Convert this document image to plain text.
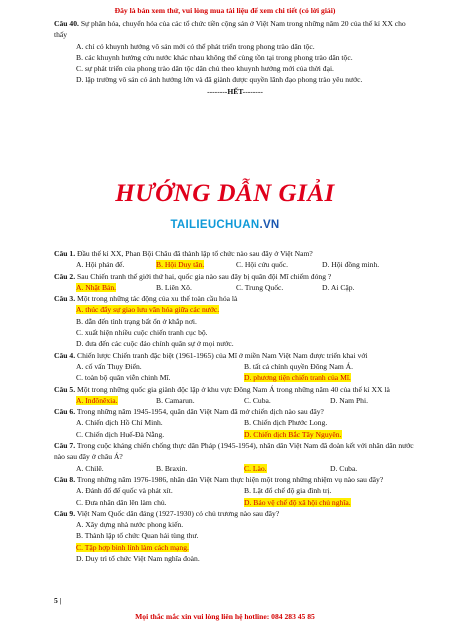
Đây là bản xem thử, vui lòng mua tài liệu để xem chi tiết (có lời giải)

Câu 40. Sự phân hóa, chuyển hóa của các tổ chức tiền cộng sản ở Việt Nam trong những năm 20 của thế kỉ XX cho thấy

A. chỉ có khuynh hướng vô sản mới có thể phát triển trong phong trào dân tộc.

B. các khuynh hướng cứu nước khác nhau không thể cùng tồn tại trong phong trào dân tộc.

C. sự phát triển của phong trào dân tộc dân chủ theo khuynh hướng mới của thời đại.

D. lập trường vô sản có ảnh hưởng lớn và đã giành được quyền lãnh đạo phong trào yêu nước.

--------HẾT--------

HƯỚNG DẪN GIẢI
TAILIEUCHUAN.VN

Câu 1. Đầu thế kỉ XX, Phan Bội Châu đã thành lập tổ chức nào sau đây ở Việt Nam?

A. Hội phản đế.	B. Hội Duy tân.	C. Hội cứu quốc.	D. Hội đồng minh.

Câu 2. Sau Chiến tranh thế giới thứ hai, quốc gia nào sau đây bị quân đội Mĩ chiếm đóng ?

A. Nhật Bản.	B. Liên Xô.	C. Trung Quốc.	D. Ai Cập.

Câu 3. Một trong những tác động của xu thế toàn cầu hóa là

A. thúc đẩy sự giao lưu văn hóa giữa các nước.

B. dẫn đến tình trạng bất ổn ở khắp nơi.

C. xuất hiện nhiều cuộc chiến tranh cục bộ.

D. đưa đến các cuộc đảo chính quân sự ở mọi nước.

Câu 4. Chiến lược Chiến tranh đặc biệt (1961-1965) của Mĩ ở miền Nam Việt Nam được triển khai với

A. cố vấn Thụy Điển.	B. tất cả chính quyền Đông Nam Á.
C. toàn bộ quân viễn chinh Mĩ.	D. phương tiện chiến tranh của Mĩ.

Câu 5. Một trong những quốc gia giành độc lập ở khu vực Đông Nam Á trong những năm 40 của thế kỉ XX là

A. Inđônêxia.	B. Camarun.	C. Cuba.	D. Nam Phi.

Câu 6. Trong những năm 1945-1954, quân dân Việt Nam đã mở chiến dịch nào sau đây?

A. Chiến dịch Hồ Chí Minh.	B. Chiến dịch Phước Long.
C. Chiến dịch Huế-Đà Nẵng.	D. Chiến dịch Bắc Tây Nguyên.

Câu 7. Trong cuộc kháng chiến chống thực dân Pháp (1945-1954), nhân dân Việt Nam đã đoàn kết với nhân dân nước nào sau đây ở châu Á?

A. Chilê.	B. Braxin.	C. Lào.	D. Cuba.

Câu 8. Trong những năm 1976-1986, nhân dân Việt Nam thực hiện một trong những nhiệm vụ nào sau đây?

A. Đánh đổ đế quốc và phát xít.	B. Lật đổ chế độ gia đình trị.
C. Đưa nhân dân lên làm chủ.	D. Bảo vệ chế độ xã hội chủ nghĩa.

Câu 9. Việt Nam Quốc dân đảng (1927-1930) có chủ trương nào sau đây?

A. Xây dựng nhà nước phong kiến.

B. Thành lập tổ chức Quan hải tùng thư.

C. Tập hợp binh lính làm cách mạng.

D. Duy trì tổ chức Việt Nam nghĩa đoàn.

5 |
Mọi thắc mắc xin vui lòng liên hệ hotline: 084 283 45 85
